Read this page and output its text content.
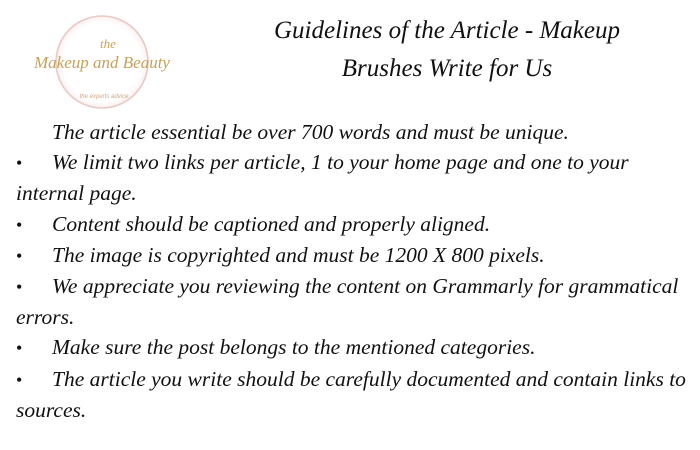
the
Makeup and Beauty
the experts advice
Guidelines of the Article - Makeup
Brushes Write for Us

The article essential be over 700 words and must be unique.

• We limit two links per article, 1 to your home page and one to your internal page.
• Content should be captioned and properly aligned.
• The image is copyrighted and must be 1200 X 800 pixels.
• We appreciate you reviewing the content on Grammarly for grammatical errors.
• Make sure the post belongs to the mentioned categories.
• The article you write should be carefully documented and contain links to sources.
